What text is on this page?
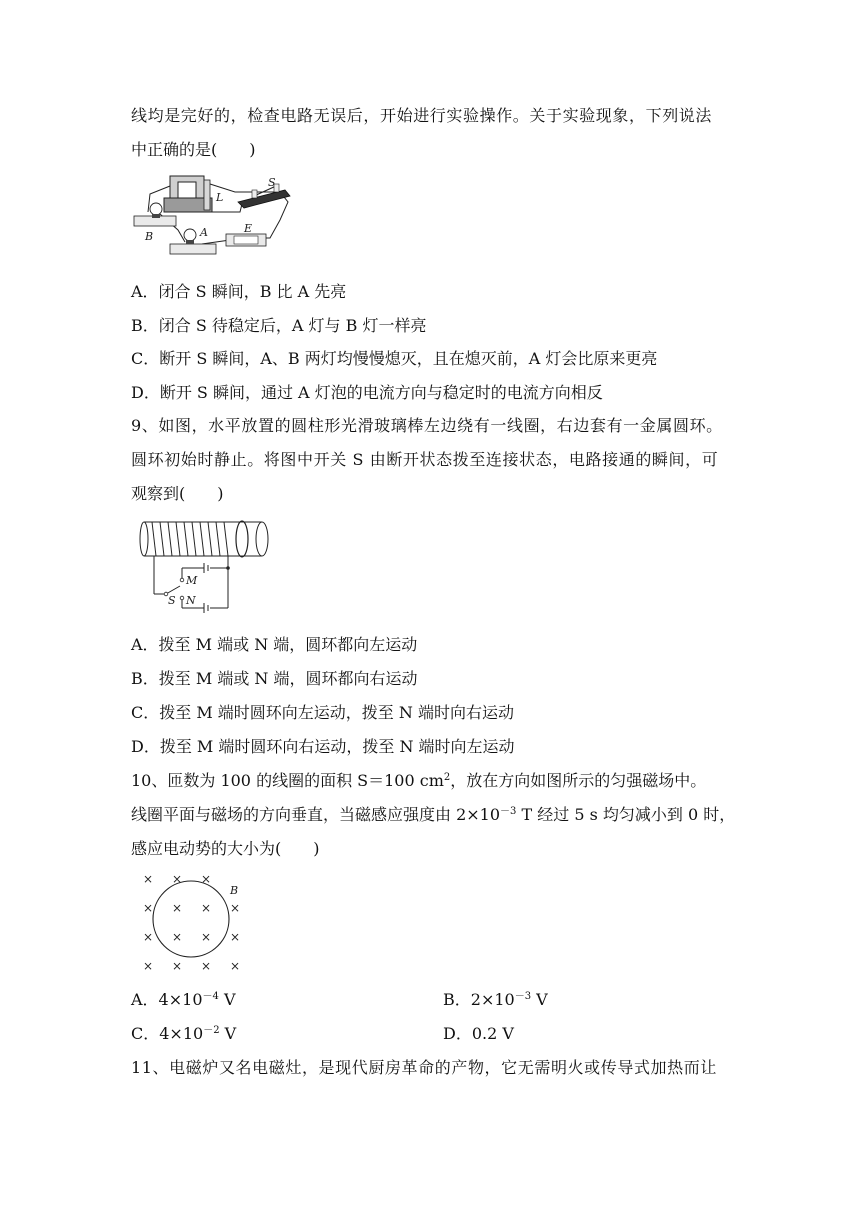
线均是完好的，检查电路无误后，开始进行实验操作。关于实验现象，下列说法
中正确的是(　　)
L
S
E
A
B
A．闭合 S 瞬间，B 比 A 先亮
B．闭合 S 待稳定后，A 灯与 B 灯一样亮
C．断开 S 瞬间，A、B 两灯均慢慢熄灭，且在熄灭前，A 灯会比原来更亮
D．断开 S 瞬间，通过 A 灯泡的电流方向与稳定时的电流方向相反
9、如图，水平放置的圆柱形光滑玻璃棒左边绕有一线圈，右边套有一金属圆环。
圆环初始时静止。将图中开关 S 由断开状态拨至连接状态，电路接通的瞬间，可
观察到(　　)
M
S N
A．拨至 M 端或 N 端，圆环都向左运动
B．拨至 M 端或 N 端，圆环都向右运动
C．拨至 M 端时圆环向左运动，拨至 N 端时向右运动
D．拨至 M 端时圆环向右运动，拨至 N 端时向左运动
10、匝数为 100 的线圈的面积 S＝100 $cm^2$，放在方向如图所示的匀强磁场中。
线圈平面与磁场的方向垂直，当磁感应强度由 $2\times 10^{-3}$ T 经过 5 s 均匀减小到 0 时，
感应电动势的大小为(　　)
B
× × ×
× × × ×
× × × ×
× × × ×
A．$4\times 10^{-4}$ V	B．$2\times 10^{-3}$ V
C．$4\times 10^{-2}$ V	D．0.2 V
11、电磁炉又名电磁灶，是现代厨房革命的产物，它无需明火或传导式加热而让
